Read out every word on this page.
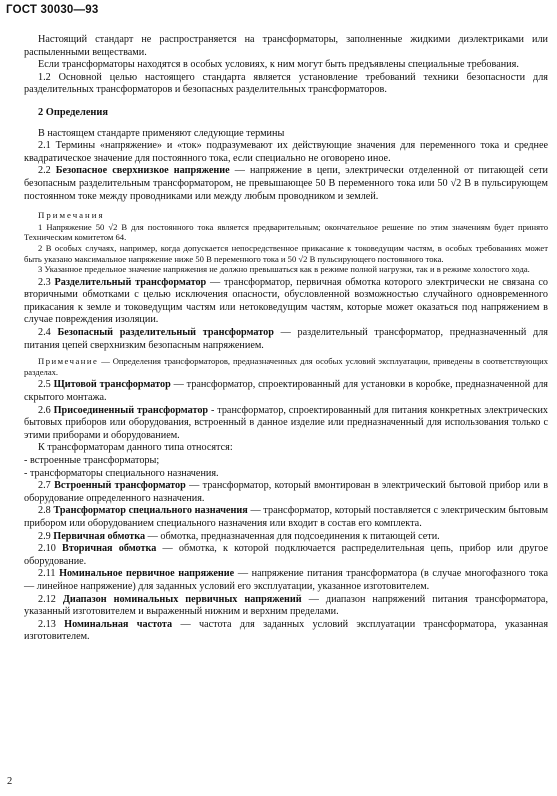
ГОСТ 30030—93

Настоящий стандарт не распространяется на трансформаторы, заполненные жидкими диэлектриками или распыленными веществами.

Если трансформаторы находятся в особых условиях, к ним могут быть предъявлены специальные требования.

1.2 Основной целью настоящего стандарта является установление требований техники безопасности для разделительных трансформаторов и безопасных разделительных трансформаторов.

2 Определения

В настоящем стандарте применяют следующие термины

2.1 Термины «напряжение» и «ток» подразумевают их действующие значения для переменного тока и среднее квадратическое значение для постоянного тока, если специально не оговорено иное.

2.2 Безопасное сверхнизкое напряжение — напряжение в цепи, электрически отделенной от питающей сети безопасным разделительным трансформатором, не превышающее 50 В переменного тока или 50 √2 В в пульсирующем постоянном токе между проводниками или между любым проводником и землей.

Примечания

1 Напряжение 50 √2 В для постоянного тока является предварительным; окончательное решение по этим значениям будет принято Техническим комитетом 64.

2 В особых случаях, например, когда допускается непосредственное прикасание к токоведущим частям, в особых требованиях может быть указано максимальное напряжение ниже 50 В переменного тока и 50 √2 В пульсирующего постоянного тока.

3 Указанное предельное значение напряжения не должно превышаться как в режиме полной нагрузки, так и в режиме холостого хода.

2.3 Разделительный трансформатор — трансформатор, первичная обмотка которого электрически не связана со вторичными обмотками с целью исключения опасности, обусловленной возможностью случайного одновременного прикасания к земле и токоведущим частям или нетоковедущим частям, которые может оказаться под напряжением в случае повреждения изоляции.

2.4 Безопасный разделительный трансформатор — разделительный трансформатор, предназначенный для питания цепей сверхнизким безопасным напряжением.

Примечание — Определения трансформаторов, предназначенных для особых условий эксплуатации, приведены в соответствующих разделах.

2.5 Щитовой трансформатор — трансформатор, спроектированный для установки в коробке, предназначенной для скрытого монтажа.

2.6 Присоединенный трансформатор - трансформатор, спроектированный для питания конкретных электрических бытовых приборов или оборудования, встроенный в данное изделие или предназначенный для использования только с этими приборами и оборудованием.

К трансформаторам данного типа относятся:

- встроенные трансформаторы;

- трансформаторы специального назначения.

2.7 Встроенный трансформатор — трансформатор, который вмонтирован в электрический бытовой прибор или в оборудование определенного назначения.

2.8 Трансформатор специального назначения — трансформатор, который поставляется с электрическим бытовым прибором или оборудованием специального назначения или входит в состав его комплекта.

2.9 Первичная обмотка — обмотка, предназначенная для подсоединения к питающей сети.

2.10 Вторичная обмотка — обмотка, к которой подключается распределительная цепь, прибор или другое оборудование.

2.11 Номинальное первичное напряжение — напряжение питания трансформатора (в случае многофазного тока — линейное напряжение) для заданных условий его эксплуатации, указанное изготовителем.

2.12 Диапазон номинальных первичных напряжений — диапазон напряжений питания трансформатора, указанный изготовителем и выраженный нижним и верхним пределами.

2.13 Номинальная частота — частота для заданных условий эксплуатации трансформатора, указанная изготовителем.

2
